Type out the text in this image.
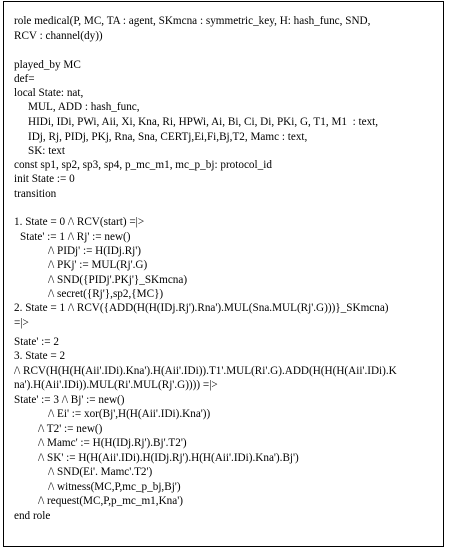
role medical(P, MC, TA : agent, SKmcna : symmetric_key, H: hash_func, SND,
RCV : channel(dy))
played_by MC
def=
local State: nat,
MUL, ADD : hash_func,
HIDi, IDi, PWi, Aii, Xi, Kna, Ri, HPWi, Ai, Bi, Ci, Di, PKi, G, T1, M1  : text,
IDj, Rj, PIDj, PKj, Rna, Sna, CERTj,Ei,Fi,Bj,T2, Mamc : text,
SK: text
const sp1, sp2, sp3, sp4, p_mc_m1, mc_p_bj: protocol_id
init State := 0
transition
1. State = 0 /\ RCV(start) =|>
State' := 1 /\ Rj' := new()
/\ PIDj' := H(IDj.Rj')
/\ PKj' := MUL(Rj'.G)
/\ SND({PIDj'.PKj'}_SKmcna)
/\ secret({Rj'},sp2,{MC})
2. State = 1 /\ RCV({ADD(H(H(IDj.Rj').Rna').MUL(Sna.MUL(Rj'.G)))}_SKmcna)
=|>
State' := 2
3. State = 2
/\ RCV(H(H(H(Aii'.IDi).Kna').H(Aii'.IDi)).T1'.MUL(Ri'.G).ADD(H(H(H(Aii'.IDi).K
na').H(Aii'.IDi)).MUL(Ri'.MUL(Rj'.G)))) =|>
State' := 3 /\ Bj' := new()
/\ Ei' := xor(Bj',H(H(Aii'.IDi).Kna'))
/\ T2' := new()
/\ Mamc' := H(H(IDj.Rj').Bj'.T2')
/\ SK' := H(H(Aii'.IDi).H(IDj.Rj').H(H(Aii'.IDi).Kna').Bj')
/\ SND(Ei'. Mamc'.T2')
/\ witness(MC,P,mc_p_bj,Bj')
/\ request(MC,P,p_mc_m1,Kna')
end role
